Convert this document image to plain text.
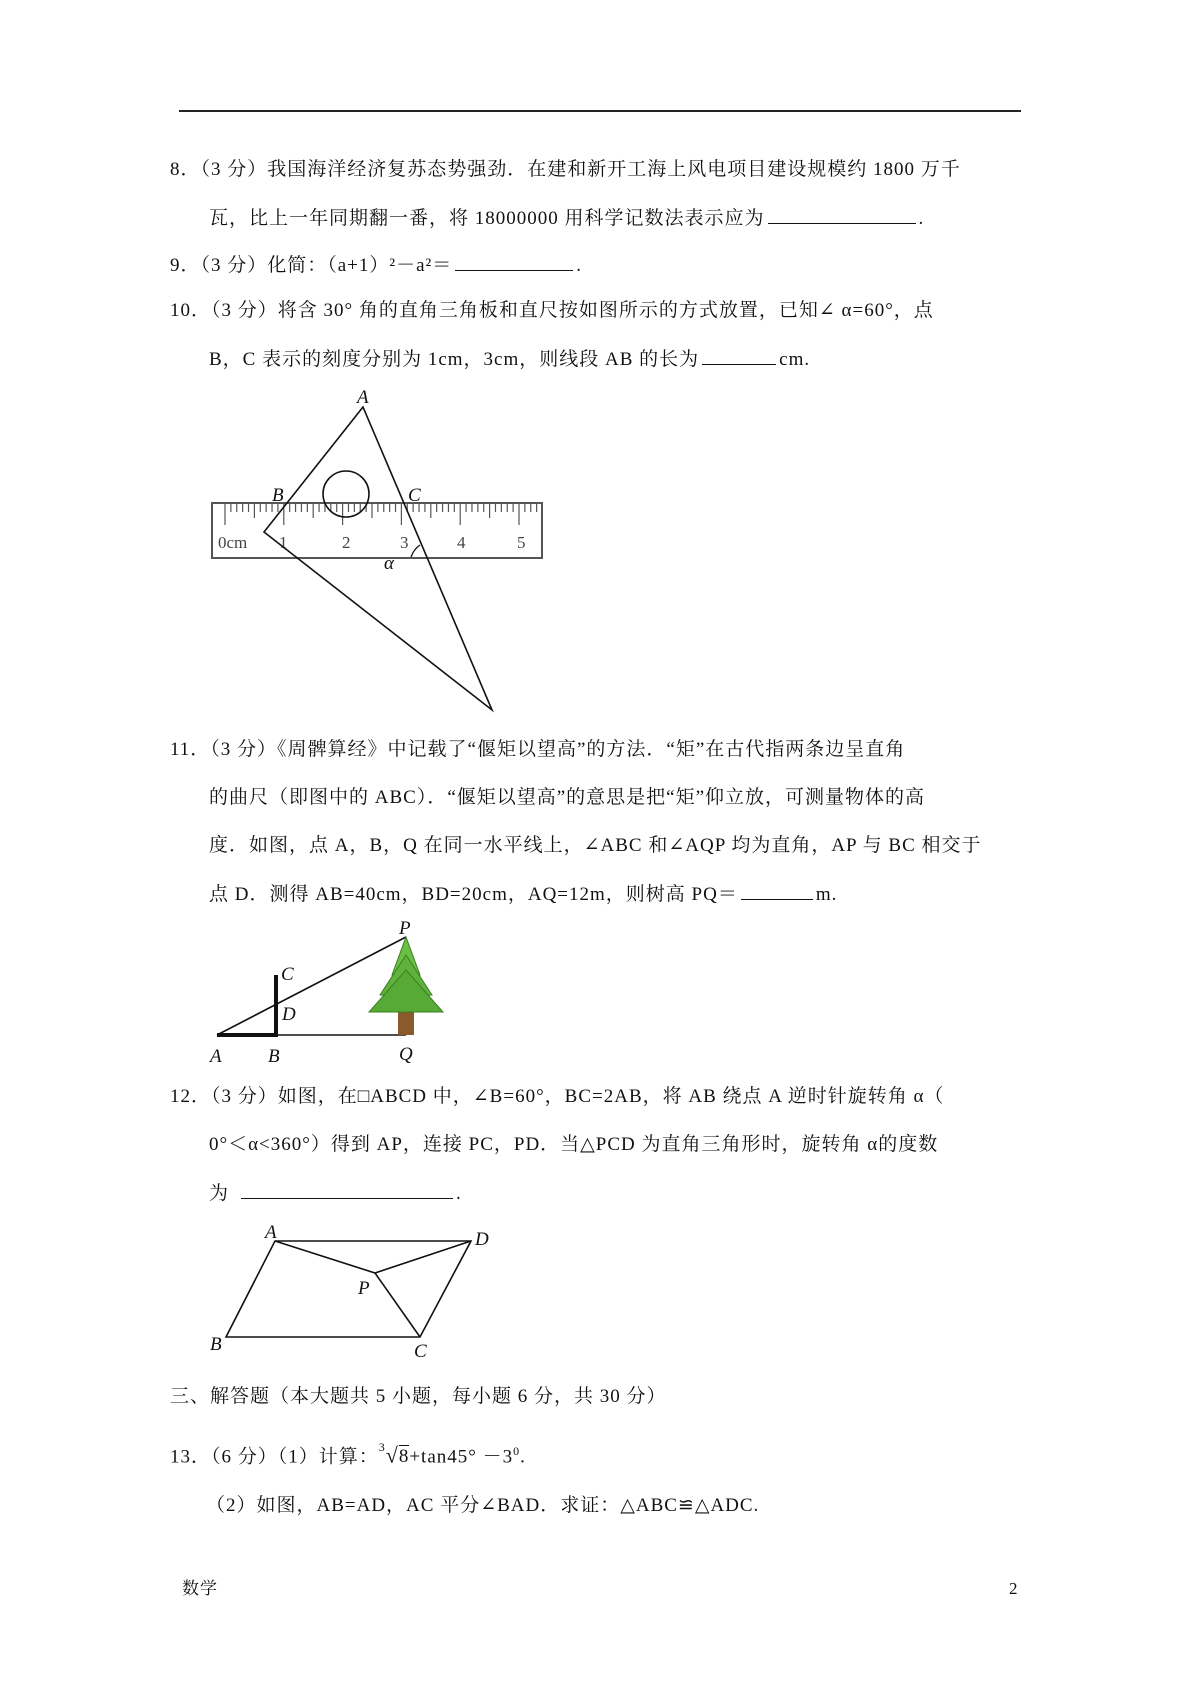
8．（3 分）我国海洋经济复苏态势强劲．在建和新开工海上风电项目建设规模约 1800 万千
瓦，比上一年同期翻一番，将 18000000 用科学记数法表示应为	.
9．（3 分）化简：（a+1）²－a²＝	.
10．（3 分）将含 30° 角的直角三角板和直尺按如图所示的方式放置，已知∠ α=60°，点
B，C 表示的刻度分别为 1cm，3cm，则线段 AB 的长为	cm.
0cm 1	2	3	4	5
A
B	C
α
P
C
D
A B	Q
A	D
P
B	C
11．（3 分）《周髀算经》中记载了“偃矩以望高”的方法．“矩”在古代指两条边呈直角
的曲尺（即图中的 ABC）．“偃矩以望高”的意思是把“矩”仰立放，可测量物体的高
度．如图，点 A，B，Q 在同一水平线上，∠ABC 和∠AQP 均为直角，AP 与 BC 相交于
点 D．测得 AB=40cm，BD=20cm，AQ=12m，则树高 PQ＝	m.
12．（3 分）如图，在□ABCD 中，∠B=60°，BC=2AB，将 AB 绕点 A 逆时针旋转角 α（
0°＜α<360°）得到 AP，连接 PC，PD．当△PCD 为直角三角形时，旋转角 α的度数
为	.
三、解答题（本大题共 5 小题，每小题 6 分，共 30 分）
13．（6 分）（1）计算：$^3√8+\tan 45^\circ -3^0$.
（2）如图，AB=AD，AC 平分∠BAD．求证：△ABC≌△ADC.
数学	2
